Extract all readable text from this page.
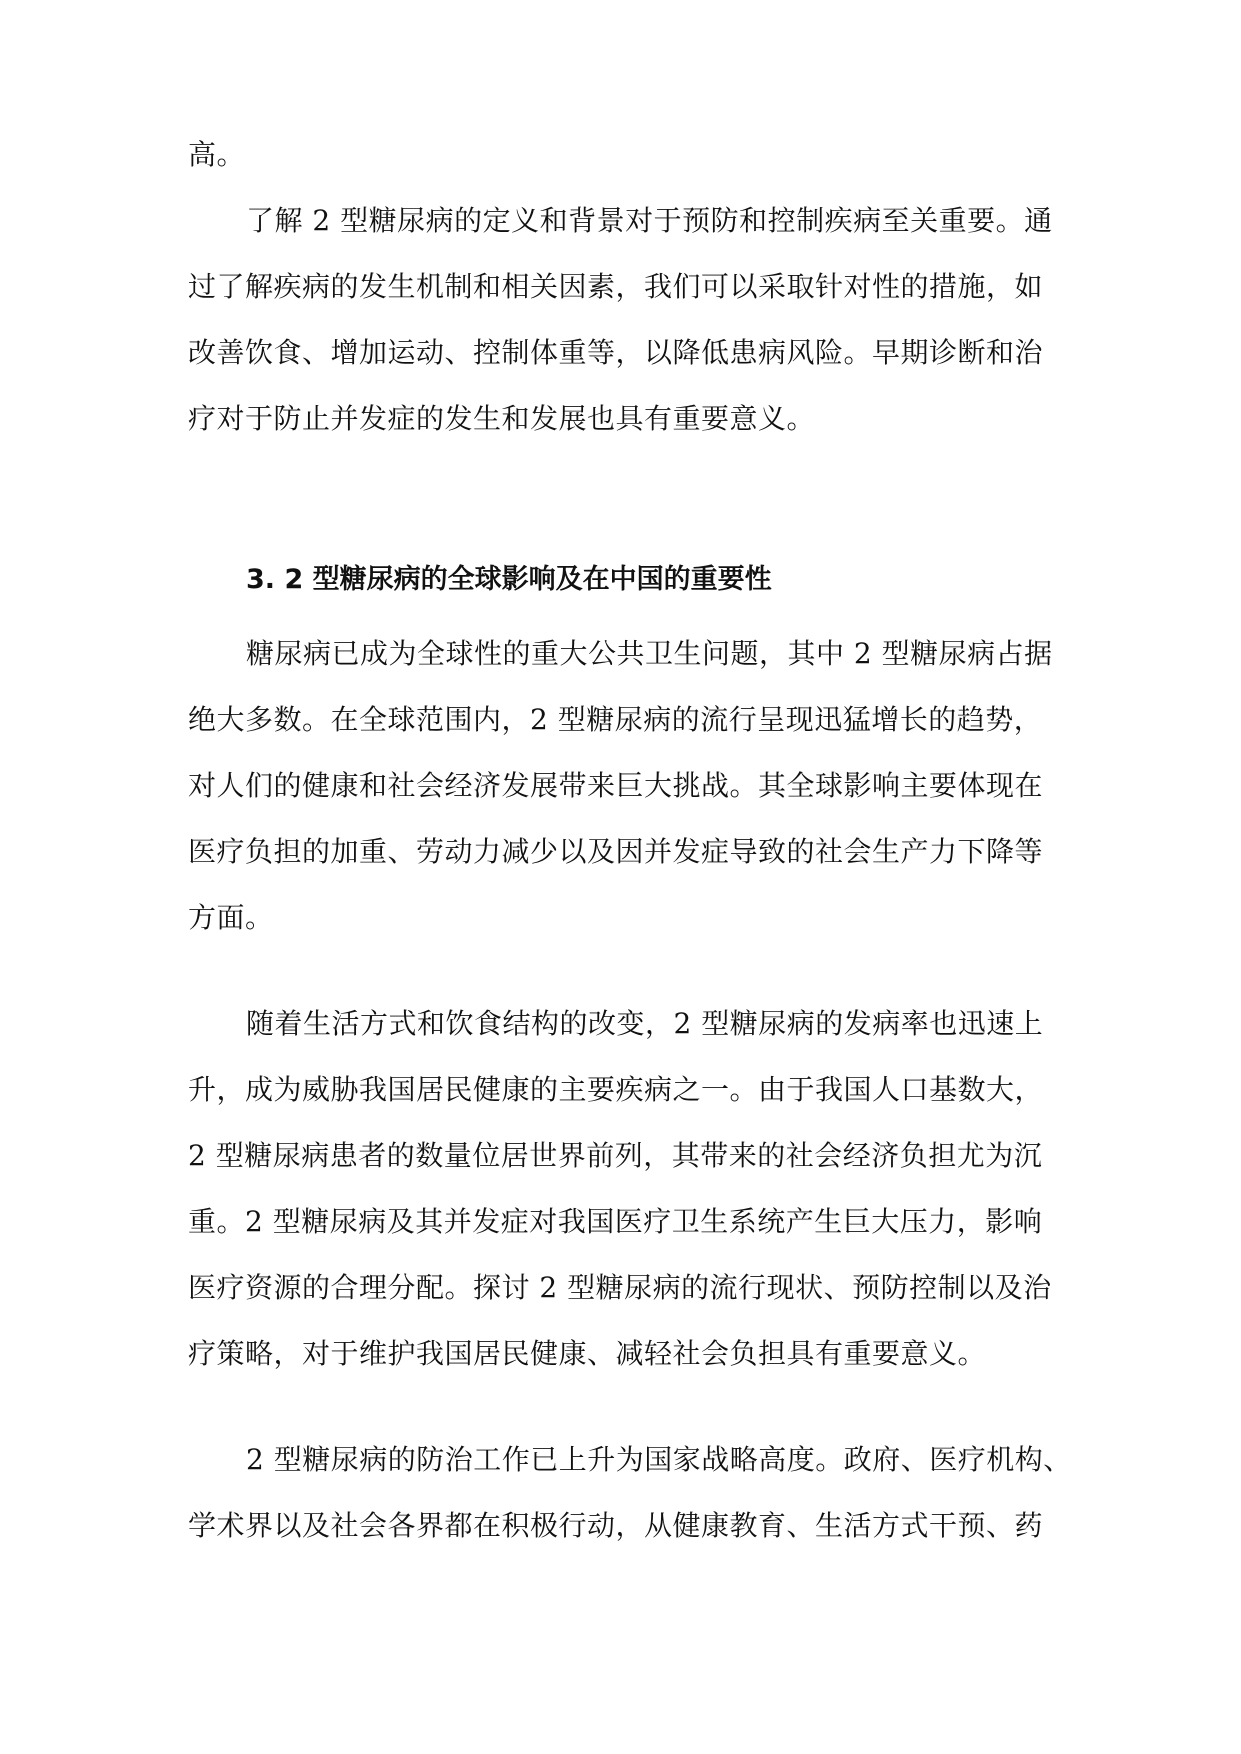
高。
了解 2 型糖尿病的定义和背景对于预防和控制疾病至关重要。通
过了解疾病的发生机制和相关因素，我们可以采取针对性的措施，如
改善饮食、增加运动、控制体重等，以降低患病风险。早期诊断和治
疗对于防止并发症的发生和发展也具有重要意义。
3. 2 型糖尿病的全球影响及在中国的重要性
糖尿病已成为全球性的重大公共卫生问题，其中 2 型糖尿病占据
绝大多数。在全球范围内，2 型糖尿病的流行呈现迅猛增长的趋势，
对人们的健康和社会经济发展带来巨大挑战。其全球影响主要体现在
医疗负担的加重、劳动力减少以及因并发症导致的社会生产力下降等
方面。
随着生活方式和饮食结构的改变，2 型糖尿病的发病率也迅速上
升，成为威胁我国居民健康的主要疾病之一。由于我国人口基数大，
2 型糖尿病患者的数量位居世界前列，其带来的社会经济负担尤为沉
重。2 型糖尿病及其并发症对我国医疗卫生系统产生巨大压力，影响
医疗资源的合理分配。探讨 2 型糖尿病的流行现状、预防控制以及治
疗策略，对于维护我国居民健康、减轻社会负担具有重要意义。
2 型糖尿病的防治工作已上升为国家战略高度。政府、医疗机构、
学术界以及社会各界都在积极行动，从健康教育、生活方式干预、药
